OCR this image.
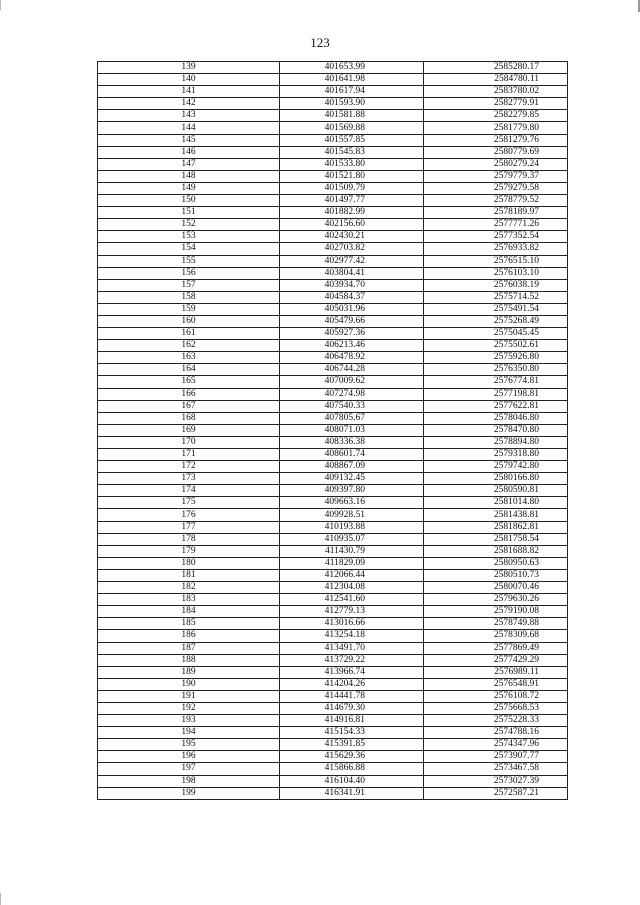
123
139	401653.99	2585280.17
140	401641.98	2584780.11
141	401617.94	2583780.02
142	401593.90	2582779.91
143	401581.88	2582279.85
144	401569.88	2581779.80
145	401557.85	2581279.76
146	401545.83	2580779.69
147	401533.80	2580279.24
148	401521.80	2579779.37
149	401509.79	2579279.58
150	401497.77	2578779.52
151	401882.99	2578189.97
152	402156.60	2577771.26
153	402430.21	2577352.54
154	402703.82	2576933.82
155	402977.42	2576515.10
156	403804.41	2576103.10
157	403934.70	2576038.19
158	404584.37	2575714.52
159	405031.96	2575491.54
160	405479.66	2575268.49
161	405927.36	2575045.45
162	406213.46	2575502.61
163	406478.92	2575926.80
164	406744.28	2576350.80
165	407009.62	2576774.81
166	407274.98	2577198.81
167	407540.33	2577622.81
168	407805.67	2578046.80
169	408071.03	2578470.80
170	408336.38	2578894.80
171	408601.74	2579318.80
172	408867.09	2579742.80
173	409132.45	2580166.80
174	409397.80	2580590.81
175	409663.16	2581014.80
176	409928.51	2581438.81
177	410193.88	2581862.81
178	410935.07	2581758.54
179	411430.79	2581688.82
180	411829.09	2580950.63
181	412066.44	2580510.73
182	412304.08	2580070.46
183	412541.60	2579630.26
184	412779.13	2579190.08
185	413016.66	2578749.88
186	413254.18	2578309.68
187	413491.70	2577869.49
188	413729.22	2577429.29
189	413966.74	2576989.11
190	414204.26	2576548.91
191	414441.78	2576108.72
192	414679.30	2575668.53
193	414916.81	2575228.33
194	415154.33	2574788.16
195	415391.85	2574347.96
196	415629.36	2573907.77
197	415866.88	2573467.58
198	416104.40	2573027.39
199	416341.91	2572587.21
